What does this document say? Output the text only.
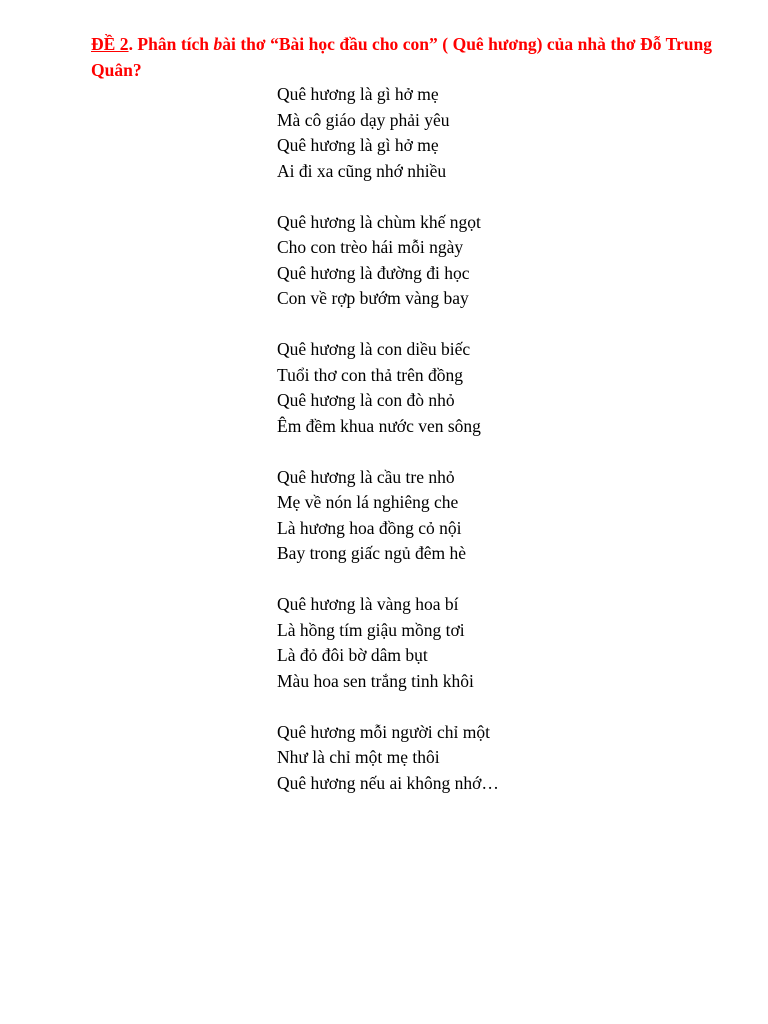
ĐỀ 2. Phân tích bài thơ “Bài học đầu cho con” ( Quê hương) của nhà thơ Đỗ Trung Quân?
Quê hương là gì hở mẹ
Mà cô giáo dạy phải yêu
Quê hương là gì hở mẹ
Ai đi xa cũng nhớ nhiều
Quê hương là chùm khế ngọt
Cho con trèo hái mỗi ngày
Quê hương là đường đi học
Con về rợp bướm vàng bay
Quê hương là con diều biếc
Tuổi thơ con thả trên đồng
Quê hương là con đò nhỏ
Êm đềm khua nước ven sông
Quê hương là cầu tre nhỏ
Mẹ về nón lá nghiêng che
Là hương hoa đồng cỏ nội
Bay trong giấc ngủ đêm hè
Quê hương là vàng hoa bí
Là hồng tím giậu mồng tơi
Là đỏ đôi bờ dâm bụt
Màu hoa sen trắng tinh khôi
Quê hương mỗi người chỉ một
Như là chỉ một mẹ thôi
Quê hương nếu ai không nhớ…
